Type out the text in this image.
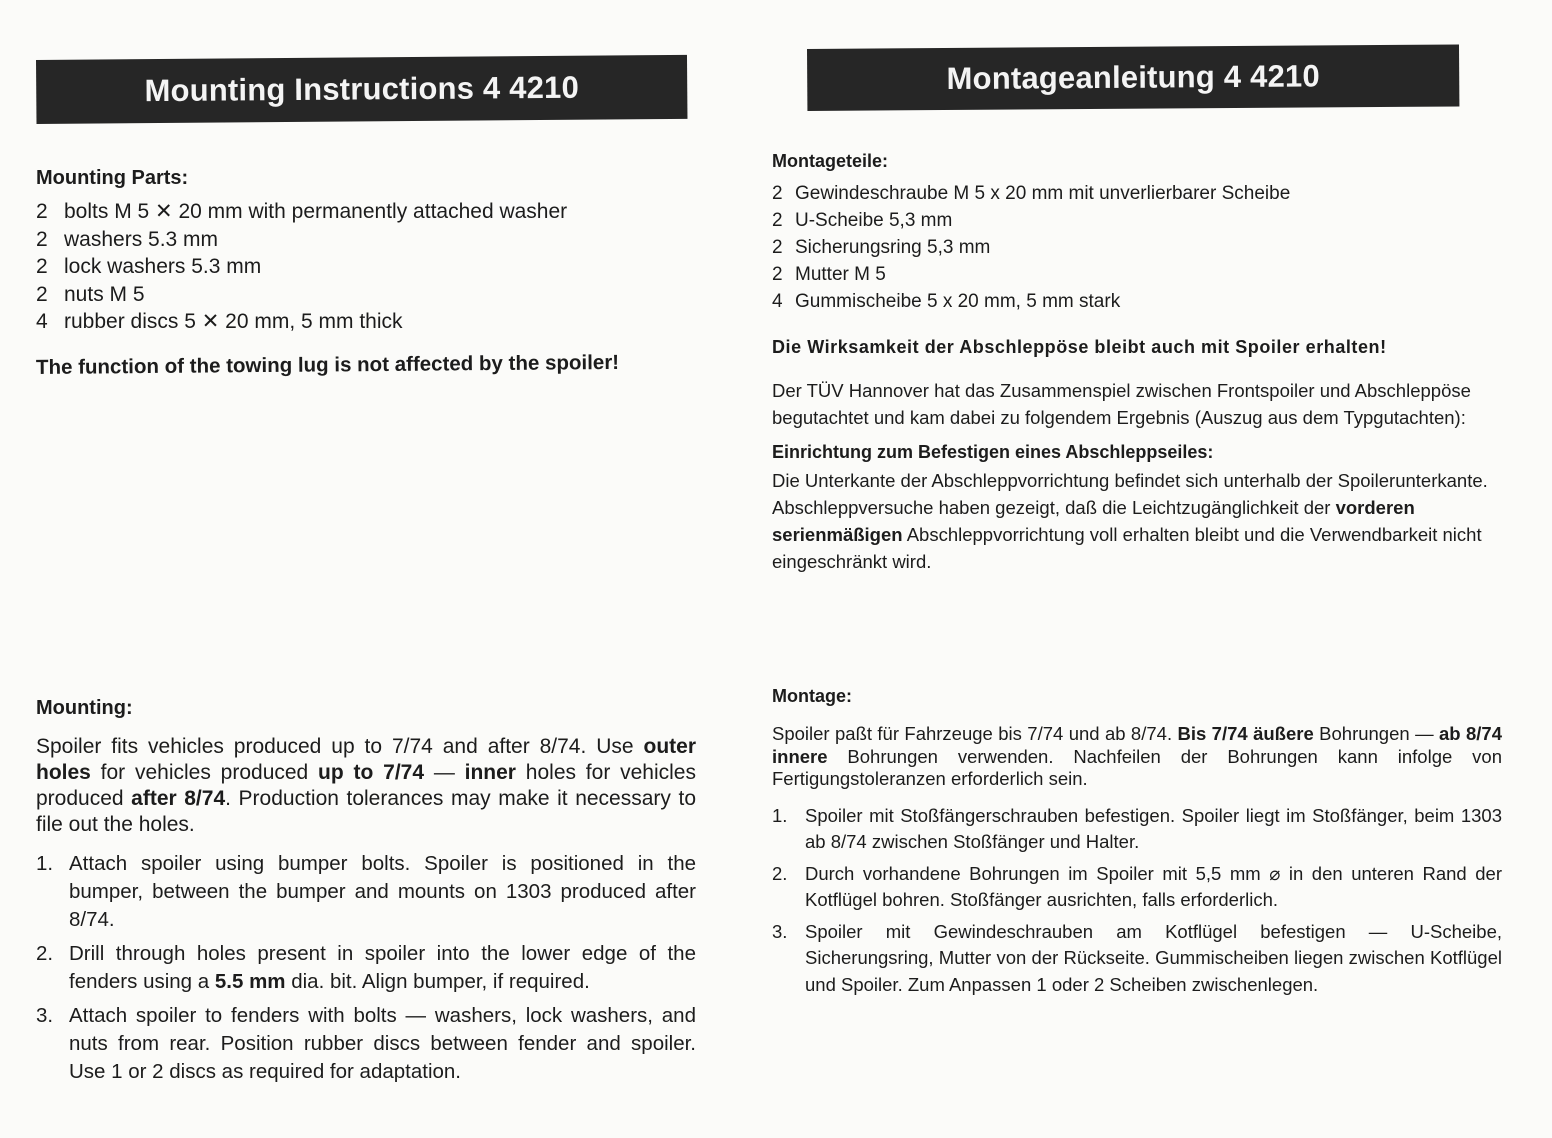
Mounting Instructions 4 4210
Mounting Parts:
2 bolts M 5 ✕ 20 mm with permanently attached washer
2 washers 5.3 mm
2 lock washers 5.3 mm
2 nuts M 5
4 rubber discs 5 ✕ 20 mm, 5 mm thick
The function of the towing lug is not affected by the spoiler!
Mounting:

Spoiler fits vehicles produced up to 7/74 and after 8/74. Use outer holes for vehicles produced up to 7/74 — inner holes for vehicles produced after 8/74. Production tolerances may make it necessary to file out the holes.

1. Attach spoiler using bumper bolts. Spoiler is positioned in the bumper, between the bumper and mounts on 1303 produced after 8/74.
2. Drill through holes present in spoiler into the lower edge of the fenders using a 5.5 mm dia. bit. Align bumper, if required.
3. Attach spoiler to fenders with bolts — washers, lock washers, and nuts from rear. Position rubber discs between fender and spoiler. Use 1 or 2 discs as required for adaptation.
Montageanleitung 4 4210
Montageteile:
2 Gewindeschraube M 5 x 20 mm mit unverlierbarer Scheibe
2 U-Scheibe 5,3 mm
2 Sicherungsring 5,3 mm
2 Mutter M 5
4 Gummischeibe 5 x 20 mm, 5 mm stark
Die Wirksamkeit der Abschleppöse bleibt auch mit Spoiler erhalten!
Der TÜV Hannover hat das Zusammenspiel zwischen Frontspoiler und Abschleppöse begutachtet und kam dabei zu folgendem Ergebnis (Auszug aus dem Typgutachten):
Einrichtung zum Befestigen eines Abschleppseiles:
Die Unterkante der Abschleppvorrichtung befindet sich unterhalb der Spoilerunterkante. Abschleppversuche haben gezeigt, daß die Leichtzugänglichkeit der vorderen serienmäßigen Abschleppvorrichtung voll erhalten bleibt und die Verwendbarkeit nicht eingeschränkt wird.
Montage:

Spoiler paßt für Fahrzeuge bis 7/74 und ab 8/74. Bis 7/74 äußere Bohrungen — ab 8/74 innere Bohrungen verwenden. Nachfeilen der Bohrungen kann infolge von Fertigungstoleranzen erforderlich sein.

1. Spoiler mit Stoßfängerschrauben befestigen. Spoiler liegt im Stoßfänger, beim 1303 ab 8/74 zwischen Stoßfänger und Halter.
2. Durch vorhandene Bohrungen im Spoiler mit 5,5 mm ⌀ in den unteren Rand der Kotflügel bohren. Stoßfänger ausrichten, falls erforderlich.
3. Spoiler mit Gewindeschrauben am Kotflügel befestigen — U-Scheibe, Sicherungsring, Mutter von der Rückseite. Gummischeiben liegen zwischen Kotflügel und Spoiler. Zum Anpassen 1 oder 2 Scheiben zwischenlegen.
